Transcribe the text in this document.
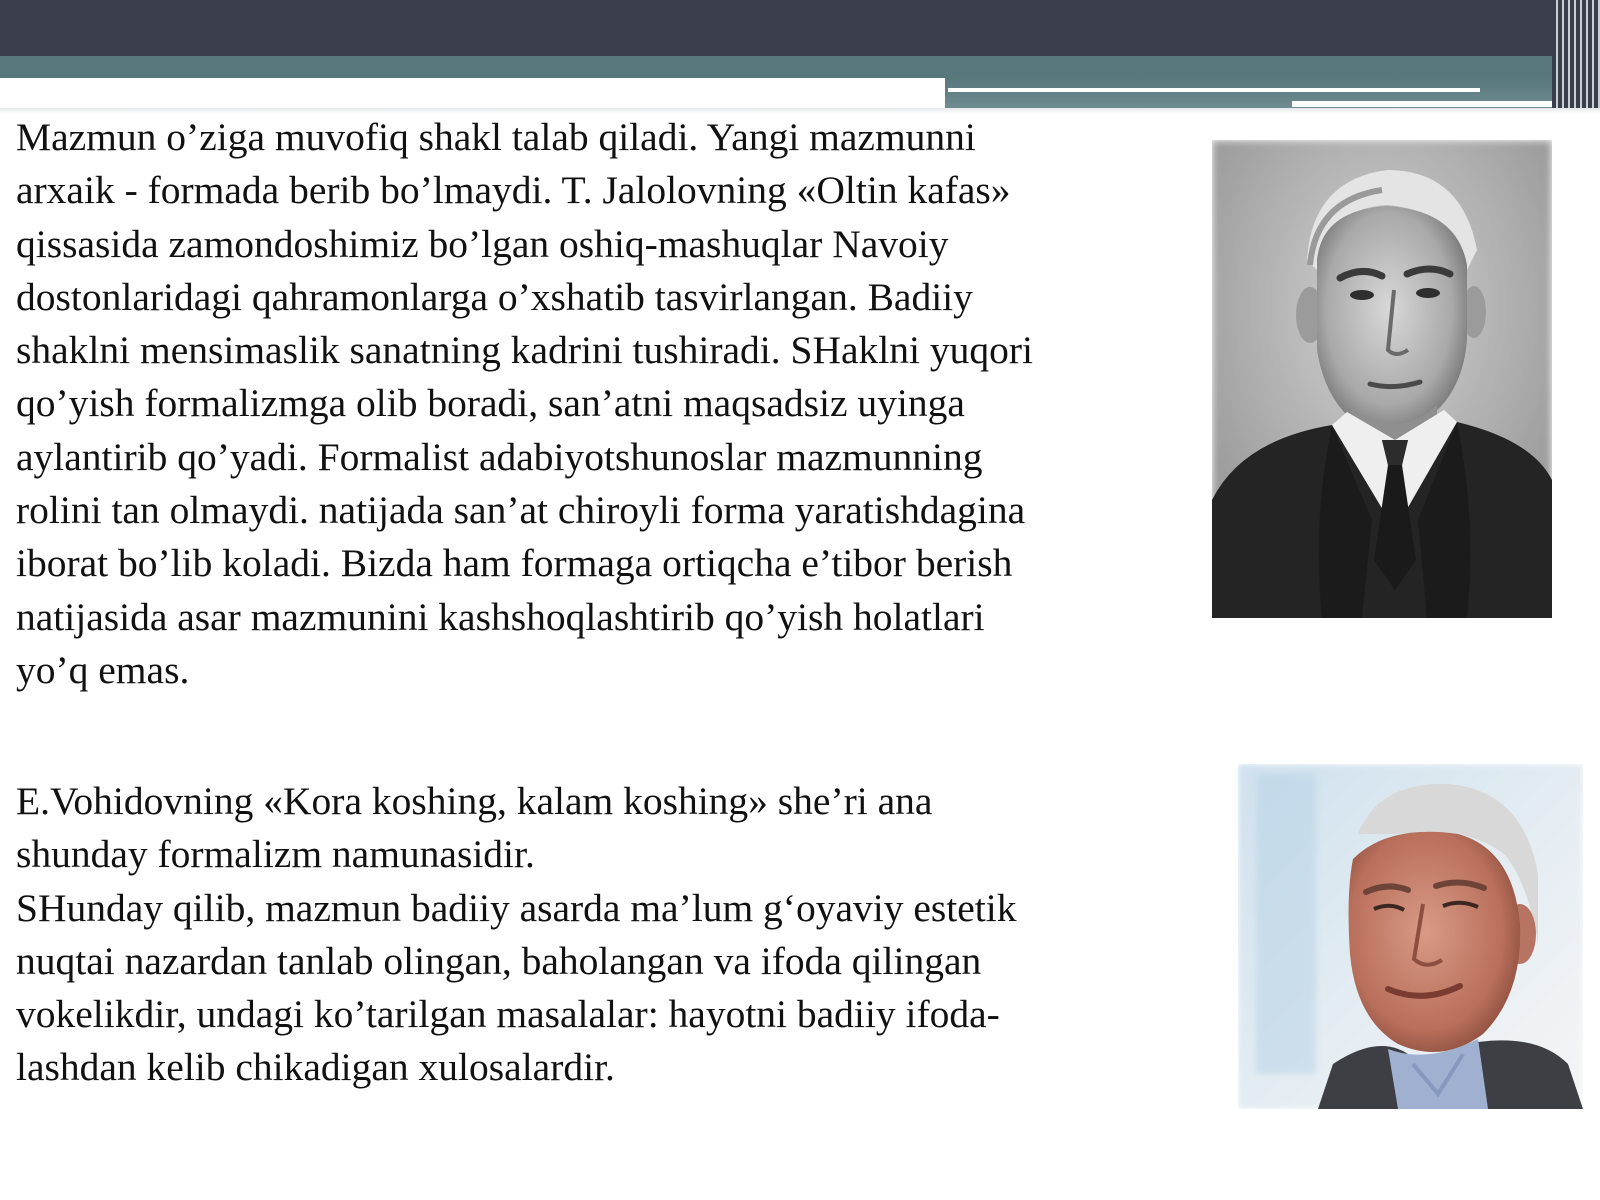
Mazmun o’ziga muvofiq shakl talab qiladi. Yangi mazmunni
arxaik - formada berib bo’lmaydi. T. Jalolovning «Oltin kafas»
qissasida zamondoshimiz bo’lgan oshiq-mashuqlar Navoiy
dostonlaridagi qahramonlarga o’xshatib tasvirlangan. Badiiy
shaklni mensimaslik sanatning kadrini tushiradi. SHaklni yuqori
qo’yish formalizmga olib boradi, san’atni maqsadsiz uyinga
aylantirib qo’yadi. Formalist adabiyotshunoslar mazmunning
rolini tan olmaydi. natijada san’at chiroyli forma yaratishdagina
iborat bo’lib koladi. Bizda ham formaga ortiqcha e’tibor berish
natijasida asar mazmunini kashshoqlashtirib qo’yish holatlari
yo’q emas.
E.Vohidovning «Kora koshing, kalam koshing» she’ri ana
shunday formalizm namunasidir.
SHunday qilib, mazmun badiiy asarda ma’lum g‘oyaviy estetik
nuqtai nazardan tanlab olingan, baholangan va ifoda qilingan
vokelikdir, undagi ko’tarilgan masalalar: hayotni badiiy ifoda-
lashdan kelib chikadigan xulosalardir.
